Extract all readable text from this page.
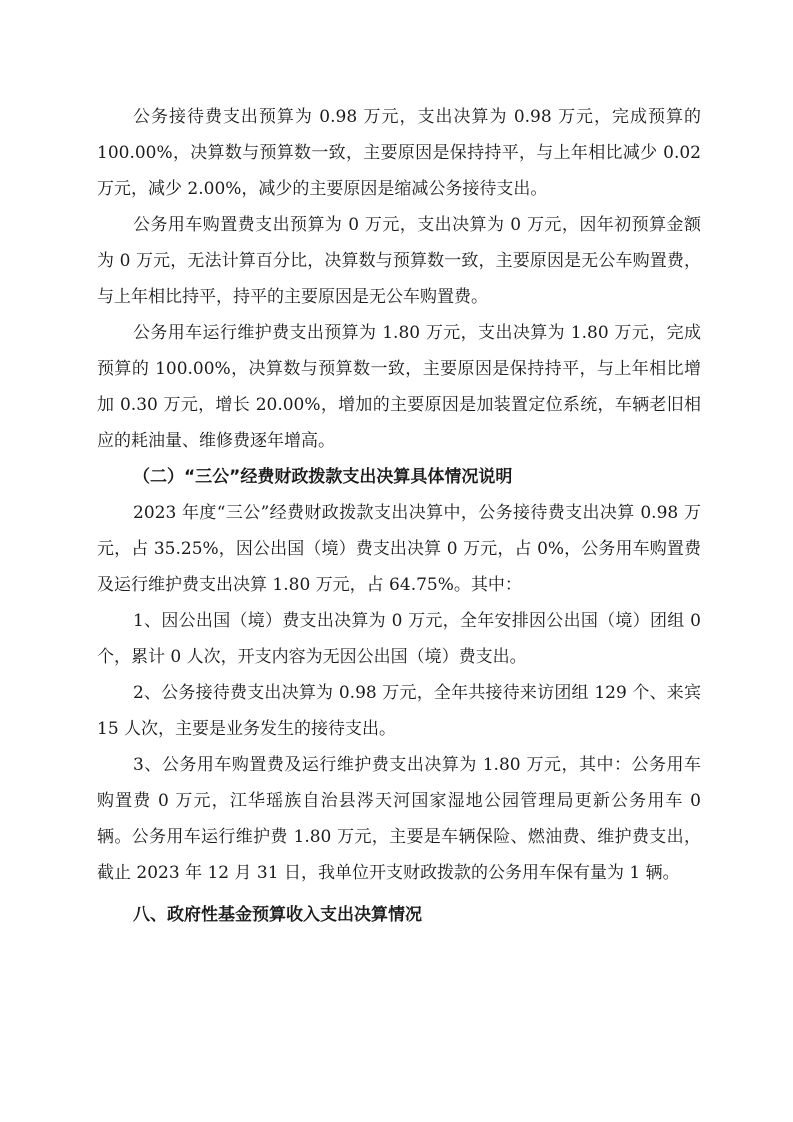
公务接待费支出预算为 0.98 万元，支出决算为 0.98 万元，完成预算的 100.00%，决算数与预算数一致，主要原因是保持持平，与上年相比减少 0.02 万元，减少 2.00%，减少的主要原因是缩减公务接待支出。

公务用车购置费支出预算为 0 万元，支出决算为 0 万元，因年初预算金额为 0 万元，无法计算百分比，决算数与预算数一致，主要原因是无公车购置费，与上年相比持平，持平的主要原因是无公车购置费。

公务用车运行维护费支出预算为 1.80 万元，支出决算为 1.80 万元，完成预算的 100.00%，决算数与预算数一致，主要原因是保持持平，与上年相比增加 0.30 万元，增长 20.00%，增加的主要原因是加装置定位系统，车辆老旧相应的耗油量、维修费逐年增高。

（二）“三公”经费财政拨款支出决算具体情况说明

2023 年度“三公”经费财政拨款支出决算中，公务接待费支出决算 0.98 万元，占 35.25%，因公出国（境）费支出决算 0 万元，占 0%，公务用车购置费及运行维护费支出决算 1.80 万元，占 64.75%。其中：

1、因公出国（境）费支出决算为 0 万元，全年安排因公出国（境）团组 0 个，累计 0 人次，开支内容为无因公出国（境）费支出。

2、公务接待费支出决算为 0.98 万元，全年共接待来访团组 129 个、来宾 15 人次，主要是业务发生的接待支出。

3、公务用车购置费及运行维护费支出决算为 1.80 万元，其中：公务用车购置费 0 万元，江华瑶族自治县涔天河国家湿地公园管理局更新公务用车 0 辆。公务用车运行维护费 1.80 万元，主要是车辆保险、燃油费、维护费支出，截止 2023 年 12 月 31 日，我单位开支财政拨款的公务用车保有量为 1 辆。

八、政府性基金预算收入支出决算情况
